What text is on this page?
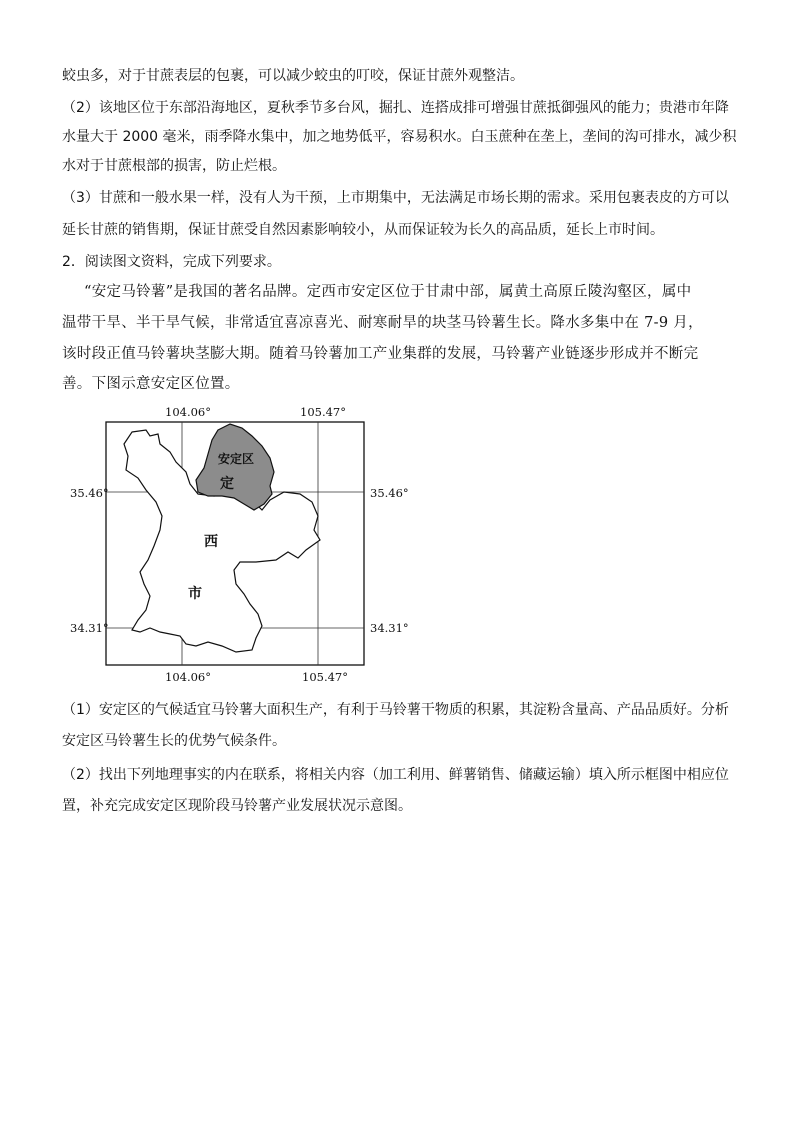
蛟虫多，对于甘蔗表层的包裹，可以减少蛟虫的叮咬，保证甘蔗外观整洁。
（2）该地区位于东部沿海地区，夏秋季节多台风，掘扎、连搭成排可增强甘蔗抵御强风的能力；贵港市年降
水量大于 2000 毫米，雨季降水集中，加之地势低平，容易积水。白玉蔗种在垄上，垄间的沟可排水，减少积
水对于甘蔗根部的损害，防止烂根。
（3）甘蔗和一般水果一样，没有人为干预，上市期集中，无法满足市场长期的需求。采用包裹表皮的方可以
延长甘蔗的销售期，保证甘蔗受自然因素影响较小，从而保证较为长久的高品质，延长上市时间。
2．阅读图文资料，完成下列要求。
“安定马铃薯”是我国的著名品牌。定西市安定区位于甘肃中部，属黄土高原丘陵沟壑区，属中
温带干旱、半干旱气候，非常适宜喜凉喜光、耐寒耐旱的块茎马铃薯生长。降水多集中在 7-9 月，
该时段正值马铃薯块茎膨大期。随着马铃薯加工产业集群的发展，马铃薯产业链逐步形成并不断完
善。下图示意安定区位置。
安定区
定
西
市
104.06°	105.47°
104.06°	105.47°
35.46°	35.46°
34.31°	34.31°
（1）安定区的气候适宜马铃薯大面积生产，有利于马铃薯干物质的积累，其淀粉含量高、产品品质好。分析
安定区马铃薯生长的优势气候条件。
（2）找出下列地理事实的内在联系，将相关内容（加工利用、鲜薯销售、储藏运输）填入所示框图中相应位
置，补充完成安定区现阶段马铃薯产业发展状况示意图。
